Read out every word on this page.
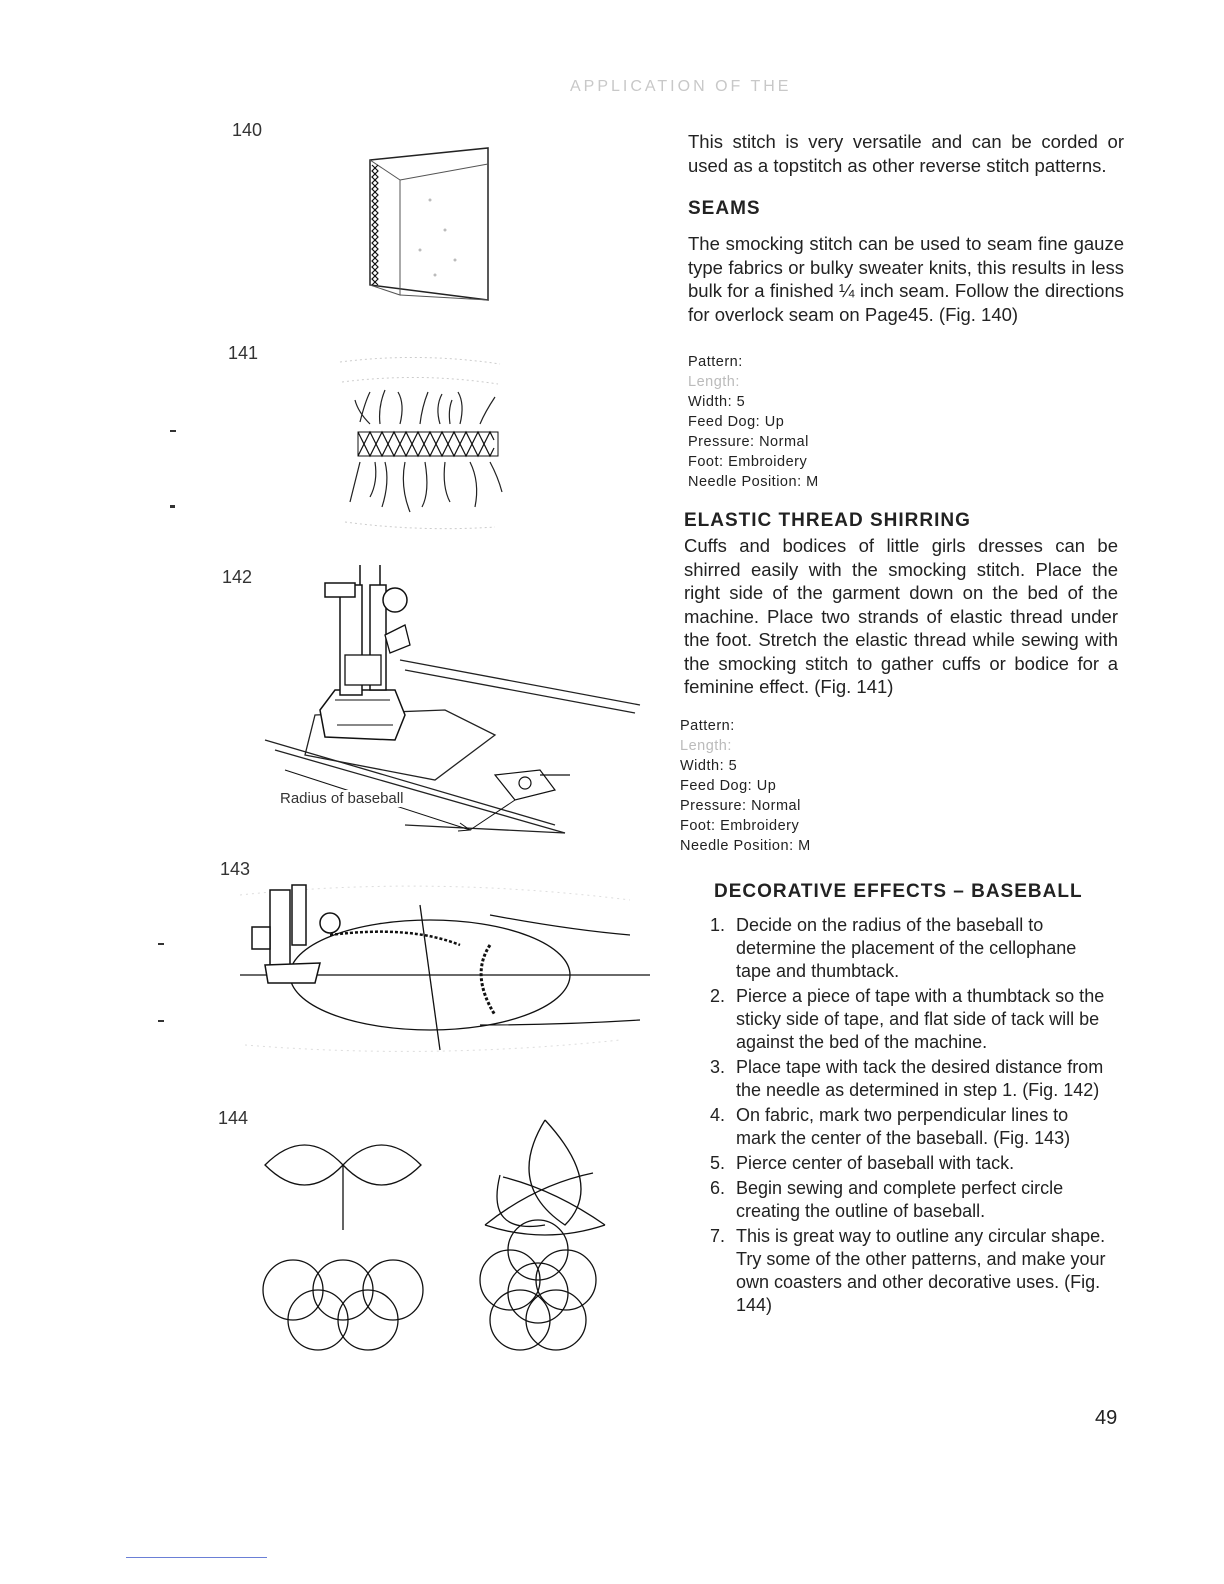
APPLICATION OF THE
140
141
142
Radius of baseball
143
144

This stitch is very versatile and can be corded or used as a topstitch as other reverse stitch patterns.

SEAMS

The smocking stitch can be used to seam fine gauze type fabrics or bulky sweater knits, this results in less bulk for a finished ¼ inch seam. Follow the directions for overlock seam on Page45. (Fig. 140)

Pattern:

Length:

Width: 5

Feed Dog: Up

Pressure: Normal

Foot: Embroidery

Needle Position: M

ELASTIC THREAD SHIRRING

Cuffs and bodices of little girls dresses can be shirred easily with the smocking stitch. Place the right side of the garment down on the bed of the machine. Place two strands of elastic thread under the foot. Stretch the elastic thread while sewing with the smocking stitch to gather cuffs or bodice for a feminine effect. (Fig. 141)

Pattern:

Length:

Width: 5

Feed Dog: Up

Pressure: Normal

Foot: Embroidery

Needle Position: M

DECORATIVE EFFECTS – BASEBALL
1. Decide on the radius of the baseball to determine the placement of the cellophane tape and thumbtack.
2. Pierce a piece of tape with a thumbtack so the sticky side of tape, and flat side of tack will be against the bed of the machine.
3. Place tape with tack the desired distance from the needle as determined in step 1. (Fig. 142)
4. On fabric, mark two perpendicular lines to mark the center of the baseball. (Fig. 143)
5. Pierce center of baseball with tack.
6. Begin sewing and complete perfect circle creating the outline of baseball.
7. This is great way to outline any circular shape. Try some of the other patterns, and make your own coasters and other decorative uses. (Fig. 144)
49
